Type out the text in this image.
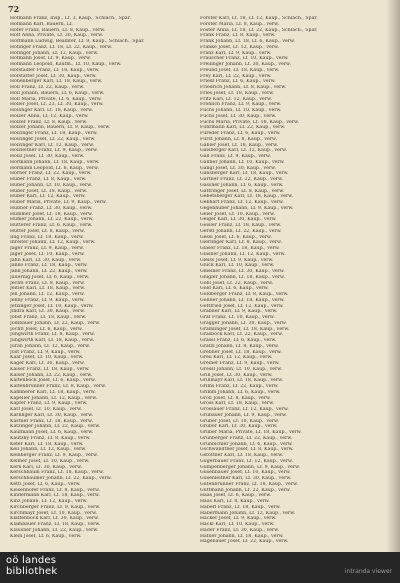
72
Hofmann Franz, Insp., Lf. 3, Kaup., Schlach., Spar.
Hofmann Karl, Bauern, Lf.
Hofer Franz, Bauern, Lf. 8, Kaup., verw.
Hoff Anna, Private, Lf. 30, Kaup., verw.
Hoffmann Ludwig, Beamter, Lf. 9, Kaup., Schlach., Spar.
Hofinger Franz, Lf. 18, Lf. 22, Kaup., verw.
Hofinger Johann, Lf. 12, Kaup., verw.
Hofmann Josef, Lf. 9, Kaup., verw.
Hofmann Leopold, Kaufm., Lf. 10, Kaup., verw.
Hofstadler Franz, Lf. 18, Kaup., verw.
Hofstätter Josef, Lf. 30, Kaup., verw.
Hohenberger Karl, Lf. 18, Kaup., verw.
Holl Franz, Lf. 22, Kaup., verw.
Holl Johann, Bauern, Lf. 6, Kaup., verw.
Holl Maria, Private, Lf. 6, Kaup., verw.
Holler Josef, Lf. 23, Lf. 30, Kaup., verw.
Hollinger Karl, Lf. 18, Kaup., verw.
Holzer Anna, Lf. 12, Kaup., verw.
Holzer Franz, Lf. 8, Kaup., verw.
Holzer Johann, Bauern, Lf. 9, Kaup., verw.
Holzinger Franz, Lf. 18, Kaup., verw.
Holzinger Josef, Lf. 22, Kaup., verw.
Holzinger Karl, Lf. 12, Kaup., verw.
Holzleitner Franz, Lf. 9, Kaup., verw.
Hölzl Josef, Lf. 30, Kaup., verw.
Hörmann Johann, Lf. 18, Kaup., verw.
Hörmann Leopold, Lf. 6, Kaup., verw.
Hörner Franz, Lf. 22, Kaup., verw.
Huber Franz, Lf. 8, Kaup., verw.
Huber Johann, Lf. 10, Kaup., verw.
Huber Josef, Lf. 18, Kaup., verw.
Huber Karl, Lf. 12, Kaup., verw.
Huber Maria, Private, Lf. 9, Kaup., verw.
Hübner Franz, Lf. 30, Kaup., verw.
Hummer Josef, Lf. 18, Kaup., verw.
Humer Johann, Lf. 22, Kaup., verw.
Hutterer Franz, Lf. 6, Kaup., verw.
Hutter Josef, Lf. 8, Kaup., verw.
Illig Franz, Lf. 18, Kaup., verw.
Inreiter Johann, Lf. 12, Kaup., verw.
Jäger Franz, Lf. 9, Kaup., verw.
Jäger Josef, Lf. 10, Kaup., verw.
Jahn Karl, Lf. 30, Kaup., verw.
Janko Franz, Lf. 18, Kaup., verw.
Jank Johann, Lf. 22, Kaup., verw.
Jauernig Josef, Lf. 6, Kaup., verw.
Jechtl Franz, Lf. 8, Kaup., verw.
Jeitler Karl, Lf. 18, Kaup., verw.
Jell Johann, Lf. 12, Kaup., verw.
Jenny Franz, Lf. 9, Kaup., verw.
Jetzinger Josef, Lf. 10, Kaup., verw.
Jindra Karl, Lf. 30, Kaup., verw.
Jobst Franz, Lf. 18, Kaup., verw.
Jodlbauer Johann, Lf. 22, Kaup., verw.
Jöchtl Josef, Lf. 6, Kaup., verw.
Jungwirth Franz, Lf. 8, Kaup., verw.
Jungwirth Karl, Lf. 18, Kaup., verw.
Juran Johann, Lf. 12, Kaup., verw.
Just Franz, Lf. 9, Kaup., verw.
Kaar Josef, Lf. 10, Kaup., verw.
Kager Karl, Lf. 30, Kaup., verw.
Kaiser Franz, Lf. 18, Kaup., verw.
Kaiser Johann, Lf. 22, Kaup., verw.
Kaltenböck Josef, Lf. 6, Kaup., verw.
Kaltenbrunner Franz, Lf. 8, Kaup., verw.
Kammerer Karl, Lf. 18, Kaup., verw.
Kapeller Johann, Lf. 12, Kaup., verw.
Kapfer Franz, Lf. 9, Kaup., verw.
Karl Josef, Lf. 10, Kaup., verw.
Karlinger Karl, Lf. 30, Kaup., verw.
Kastner Franz, Lf. 18, Kaup., verw.
Katzinger Johann, Lf. 22, Kaup., verw.
Kaufmann Josef, Lf. 6, Kaup., verw.
Kautzky Franz, Lf. 8, Kaup., verw.
Kefer Karl, Lf. 18, Kaup., verw.
Keil Johann, Lf. 12, Kaup., verw.
Keinberger Franz, Lf. 9, Kaup., verw.
Kellner Josef, Lf. 10, Kaup., verw.
Kern Karl, Lf. 30, Kaup., verw.
Kerschbaum Franz, Lf. 18, Kaup., verw.
Kerschbaumer Johann, Lf. 22, Kaup., verw.
Kettl Josef, Lf. 6, Kaup., verw.
Kiesenhofer Franz, Lf. 8, Kaup., verw.
Kindermann Karl, Lf. 18, Kaup., verw.
Kinz Johann, Lf. 12, Kaup., verw.
Kirchberger Franz, Lf. 9, Kaup., verw.
Kirchmayr Josef, Lf. 10, Kaup., verw.
Klaffenböck Karl, Lf. 30, Kaup., verw.
Klambauer Franz, Lf. 18, Kaup., verw.
Klausner Johann, Lf. 22, Kaup., verw.
Klein Josef, Lf. 6, Kaup., verw.
Forster Karl, Lf. 18, Lf. 12, Kaup., Schlach., Spar.
Forster Maria, Lf. 8, Kaup., verw.
Foster Anna, Lf. 18, Lf. 22, Kaup., Schlach., Spar.
Frank Franz, Lf. 8, Kaup., verw.
Frank Johann, Lf. 18, Lf. 6, Kaup., verw.
Franke Josef, Lf. 12, Kaup., verw.
Franz Karl, Lf. 9, Kaup., verw.
Frauscher Franz, Lf. 10, Kaup., verw.
Freilinger Johann, Lf. 30, Kaup., verw.
Freund Josef, Lf. 18, Kaup., verw.
Frey Karl, Lf. 22, Kaup., verw.
Friedl Franz, Lf. 6, Kaup., verw.
Friedrich Johann, Lf. 8, Kaup., verw.
Fries Josef, Lf. 18, Kaup., verw.
Fritz Karl, Lf. 12, Kaup., verw.
Fröhlich Franz, Lf. 9, Kaup., verw.
Fuchs Johann, Lf. 10, Kaup., verw.
Fuchs Josef, Lf. 30, Kaup., verw.
Fuchs Maria, Private, Lf. 18, Kaup., verw.
Fuhrmann Karl, Lf. 22, Kaup., verw.
Füreder Franz, Lf. 6, Kaup., verw.
Fürst Johann, Lf. 8, Kaup., verw.
Gabler Josef, Lf. 18, Kaup., verw.
Gaisberger Karl, Lf. 12, Kaup., verw.
Gall Franz, Lf. 9, Kaup., verw.
Gallner Johann, Lf. 10, Kaup., verw.
Gangl Josef, Lf. 30, Kaup., verw.
Gansberger Karl, Lf. 18, Kaup., verw.
Gartner Franz, Lf. 22, Kaup., verw.
Gassner Johann, Lf. 6, Kaup., verw.
Gattringer Josef, Lf. 8, Kaup., verw.
Gebetsberger Karl, Lf. 18, Kaup., verw.
Gebhart Franz, Lf. 12, Kaup., verw.
Gegenhuber Johann, Lf. 9, Kaup., verw.
Geier Josef, Lf. 10, Kaup., verw.
Geiger Karl, Lf. 30, Kaup., verw.
Geisler Franz, Lf. 18, Kaup., verw.
Gerstl Johann, Lf. 22, Kaup., verw.
Gessl Josef, Lf. 6, Kaup., verw.
Gierlinger Karl, Lf. 8, Kaup., verw.
Glaser Franz, Lf. 18, Kaup., verw.
Glasner Johann, Lf. 12, Kaup., verw.
Gleiss Josef, Lf. 9, Kaup., verw.
Glück Karl, Lf. 10, Kaup., verw.
Gmeiner Franz, Lf. 30, Kaup., verw.
Gnigler Johann, Lf. 18, Kaup., verw.
Göbl Josef, Lf. 22, Kaup., verw.
Gold Karl, Lf. 6, Kaup., verw.
Goldberger Franz, Lf. 8, Kaup., verw.
Gollner Johann, Lf. 18, Kaup., verw.
Gottfried Josef, Lf. 12, Kaup., verw.
Grabner Karl, Lf. 9, Kaup., verw.
Graf Franz, Lf. 10, Kaup., verw.
Gragger Johann, Lf. 30, Kaup., verw.
Gramlinger Josef, Lf. 18, Kaup., verw.
Grasböck Karl, Lf. 22, Kaup., verw.
Grassl Franz, Lf. 6, Kaup., verw.
Gratzl Johann, Lf. 8, Kaup., verw.
Grebner Josef, Lf. 18, Kaup., verw.
Greil Karl, Lf. 12, Kaup., verw.
Greiner Franz, Lf. 9, Kaup., verw.
Gressl Johann, Lf. 10, Kaup., verw.
Grill Josef, Lf. 30, Kaup., verw.
Grillmayr Karl, Lf. 18, Kaup., verw.
Grims Franz, Lf. 22, Kaup., verw.
Grimm Johann, Lf. 6, Kaup., verw.
Gröll Josef, Lf. 8, Kaup., verw.
Gross Karl, Lf. 18, Kaup., verw.
Grossauer Franz, Lf. 12, Kaup., verw.
Grubauer Johann, Lf. 9, Kaup., verw.
Gruber Josef, Lf. 10, Kaup., verw.
Gruber Karl, Lf. 30, Kaup., verw.
Gruber Maria, Private, Lf. 18, Kaup., verw.
Grünberger Franz, Lf. 22, Kaup., verw.
Grünbichler Johann, Lf. 6, Kaup., verw.
Gschwandtner Josef, Lf. 8, Kaup., verw.
Gstöttner Karl, Lf. 18, Kaup., verw.
Gugerbauer Franz, Lf. 12, Kaup., verw.
Gumpenberger Johann, Lf. 9, Kaup., verw.
Gusenbauer Josef, Lf. 10, Kaup., verw.
Gusenleitner Karl, Lf. 30, Kaup., verw.
Gutenbrunner Franz, Lf. 18, Kaup., verw.
Guttmann Johann, Lf. 22, Kaup., verw.
Haas Josef, Lf. 6, Kaup., verw.
Haas Karl, Lf. 8, Kaup., verw.
Haberl Franz, Lf. 18, Kaup., verw.
Habermann Johann, Lf. 12, Kaup., verw.
Hacker Josef, Lf. 9, Kaup., verw.
Hackl Karl, Lf. 10, Kaup., verw.
Hader Franz, Lf. 30, Kaup., verw.
Hafner Johann, Lf. 18, Kaup., verw.
Hagenauer Josef, Lf. 22, Kaup., verw.
oö landes
bibliothek	intranda viewer
